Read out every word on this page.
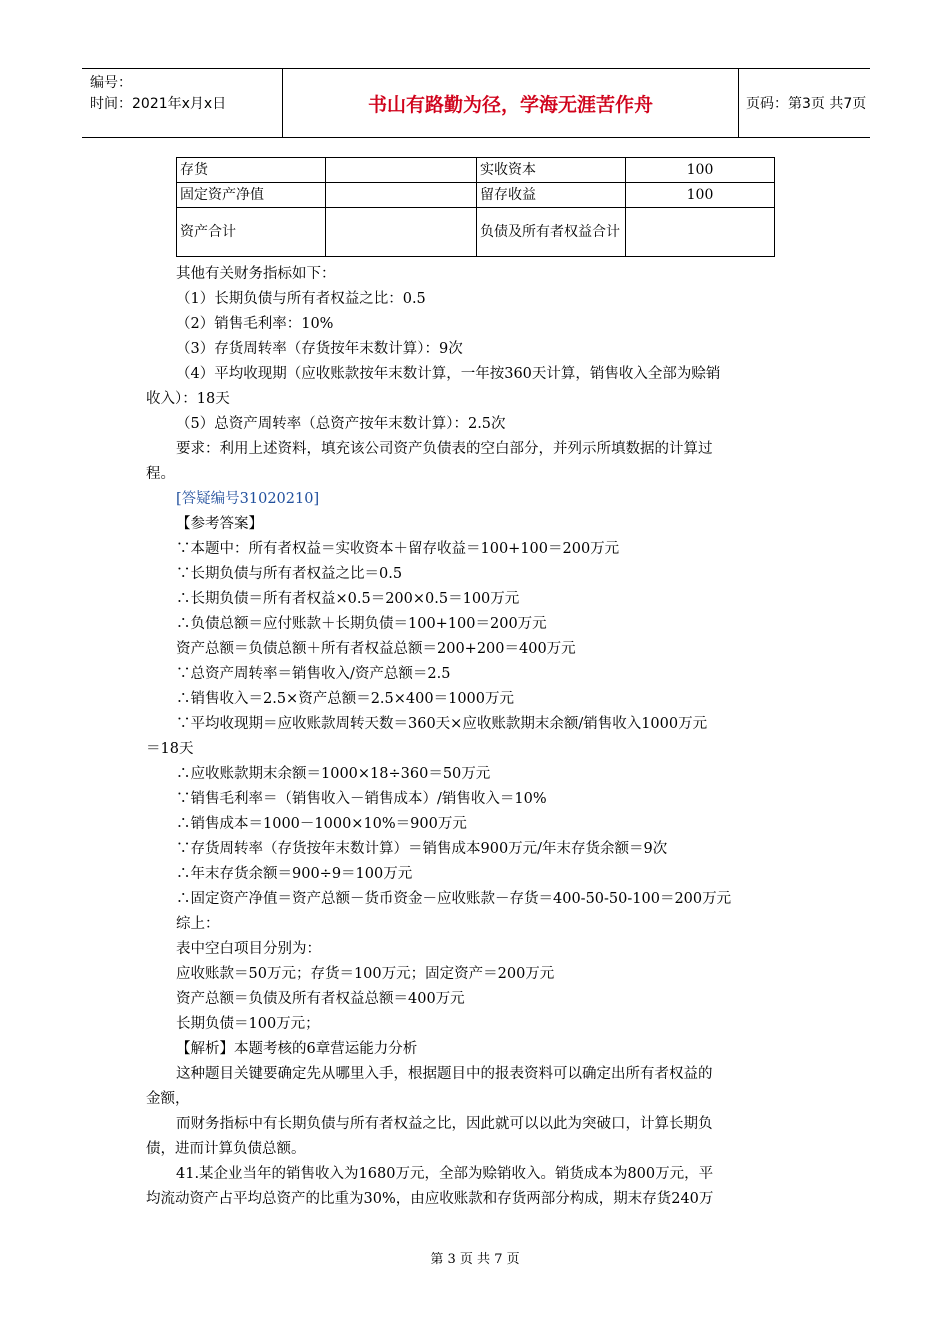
编号：
时间：2021年x月x日	书山有路勤为径，学海无涯苦作舟	页码：第3页 共7页
存货		实收资本	100
固定资产净值		留存收益	100
资产合计		负债及所有者权益合计	
其他有关财务指标如下：
（1）长期负债与所有者权益之比：0.5
（2）销售毛利率：10%
（3）存货周转率（存货按年末数计算）：9次
（4）平均收现期（应收账款按年末数计算，一年按360天计算，销售收入全部为赊销
收入）：18天
（5）总资产周转率（总资产按年末数计算）：2.5次
要求：利用上述资料，填充该公司资产负债表的空白部分，并列示所填数据的计算过
程。
[答疑编号31020210]
【参考答案】
∵本题中：所有者权益＝实收资本＋留存收益＝100+100＝200万元
∵长期负债与所有者权益之比＝0.5
∴长期负债＝所有者权益×0.5＝200×0.5＝100万元
∴负债总额＝应付账款＋长期负债＝100+100＝200万元
资产总额＝负债总额＋所有者权益总额＝200+200＝400万元
∵总资产周转率＝销售收入/资产总额＝2.5
∴销售收入＝2.5×资产总额＝2.5×400＝1000万元
∵平均收现期＝应收账款周转天数＝360天×应收账款期末余额/销售收入1000万元
＝18天
∴应收账款期末余额＝1000×18÷360＝50万元
∵销售毛利率＝（销售收入－销售成本）/销售收入＝10%
∴销售成本＝1000－1000×10%＝900万元
∵存货周转率（存货按年末数计算）＝销售成本900万元/年末存货余额＝9次
∴年末存货余额＝900÷9＝100万元
∴固定资产净值＝资产总额－货币资金－应收账款－存货＝400-50-50-100＝200万元
综上：
表中空白项目分别为：
应收账款＝50万元；存货＝100万元；固定资产＝200万元
资产总额＝负债及所有者权益总额＝400万元
长期负债＝100万元；
【解析】本题考核的6章营运能力分析
这种题目关键要确定先从哪里入手，根据题目中的报表资料可以确定出所有者权益的
金额，
而财务指标中有长期负债与所有者权益之比，因此就可以以此为突破口，计算长期负
债，进而计算负债总额。
41.某企业当年的销售收入为1680万元，全部为赊销收入。销货成本为800万元，平
均流动资产占平均总资产的比重为30%，由应收账款和存货两部分构成，期末存货240万
第 3 页 共 7 页
